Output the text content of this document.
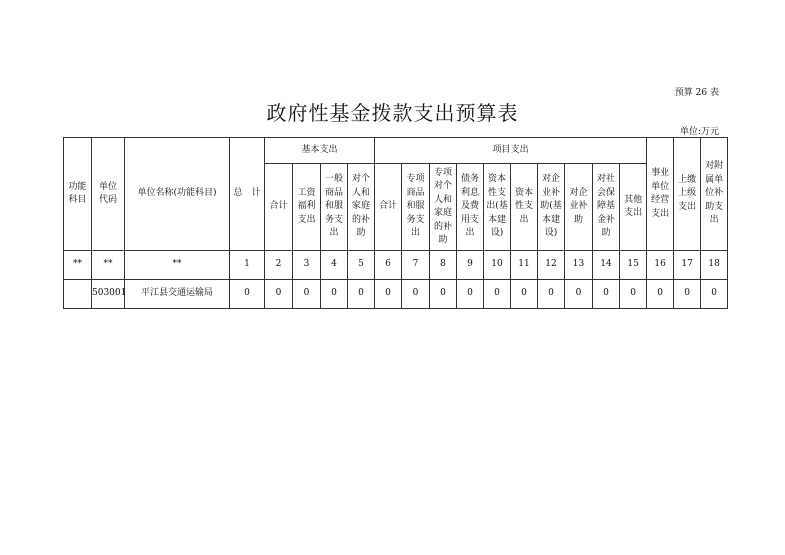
预算 26 表
政府性基金拨款支出预算表
单位:万元
功能科目	单位代码	单位名称(功能科目)	总　计	基本支出				项目支出										事业单位经营支出	上缴上级支出	对附属单位补助支出
				合计	工资福利支出	一般商品和服务支出	对个人和家庭的补助	合计	专项商品和服务支出	专项对个人和家庭的补助	债务利息及费用支出	资本性支出(基本建设)	资本性支出	对企业补助(基本建设)	对企业补助	对社会保障基金补助	其他支出			
**	**	**	1	2	3	4	5	6	7	8	9	10	11	12	13	14	15	16	17	18
	503001	平江县交通运输局	0	0	0	0	0	0	0	0	0	0	0	0	0	0	0	0	0	0
